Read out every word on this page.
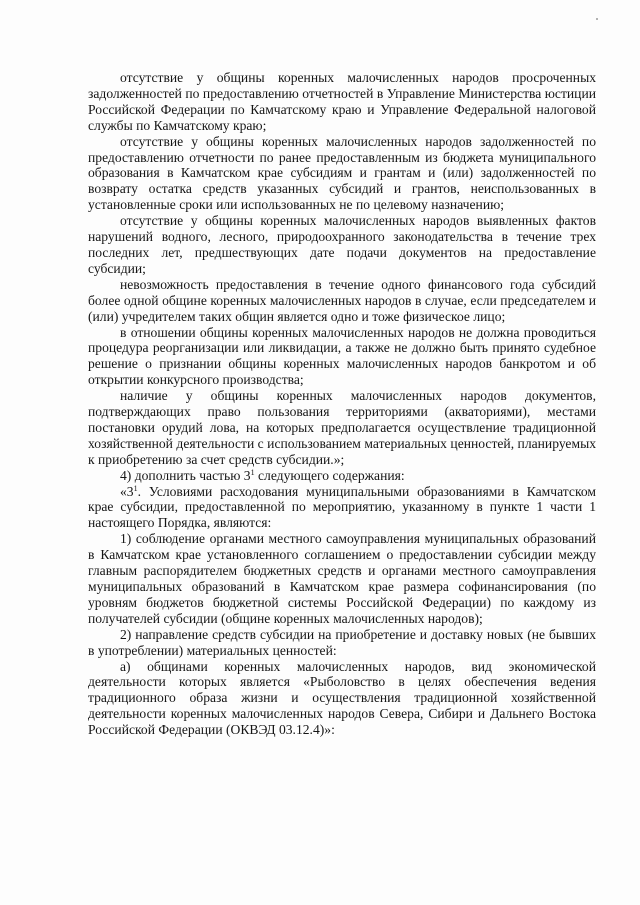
отсутствие у общины коренных малочисленных народов просроченных задолженностей по предоставлению отчетностей в Управление Министерства юстиции Российской Федерации по Камчатскому краю и Управление Федеральной налоговой службы по Камчатскому краю;

отсутствие у общины коренных малочисленных народов задолженностей по предоставлению отчетности по ранее предоставленным из бюджета муниципального образования в Камчатском крае субсидиям и грантам и (или) задолженностей по возврату остатка средств указанных субсидий и грантов, неиспользованных в установленные сроки или использованных не по целевому назначению;

отсутствие у общины коренных малочисленных народов выявленных фактов нарушений водного, лесного, природоохранного законодательства в течение трех последних лет, предшествующих дате подачи документов на предоставление субсидии;

невозможность предоставления в течение одного финансового года субсидий более одной общине коренных малочисленных народов в случае, если председателем и (или) учредителем таких общин является одно и тоже физическое лицо;

в отношении общины коренных малочисленных народов не должна проводиться процедура реорганизации или ликвидации, а также не должно быть принято судебное решение о признании общины коренных малочисленных народов банкротом и об открытии конкурсного производства;

наличие у общины коренных малочисленных народов документов, подтверждающих право пользования территориями (акваториями), местами постановки орудий лова, на которых предполагается осуществление традиционной хозяйственной деятельности с использованием материальных ценностей, планируемых к приобретению за счет средств субсидии.»;

4) дополнить частью $3^1$ следующего содержания:

«$3^1$. Условиями расходования муниципальными образованиями в Камчатском крае субсидии, предоставленной по мероприятию, указанному в пункте 1 части 1 настоящего Порядка, являются:

1) соблюдение органами местного самоуправления муниципальных образований в Камчатском крае установленного соглашением о предоставлении субсидии между главным распорядителем бюджетных средств и органами местного самоуправления муниципальных образований в Камчатском крае размера софинансирования (по уровням бюджетов бюджетной системы Российской Федерации) по каждому из получателей субсидии (общине коренных малочисленных народов);

2) направление средств субсидии на приобретение и доставку новых (не бывших в употреблении) материальных ценностей:

а) общинами коренных малочисленных народов, вид экономической деятельности которых является «Рыболовство в целях обеспечения ведения традиционного образа жизни и осуществления традиционной хозяйственной деятельности коренных малочисленных народов Севера, Сибири и Дальнего Востока Российской Федерации (ОКВЭД 03.12.4)»:
